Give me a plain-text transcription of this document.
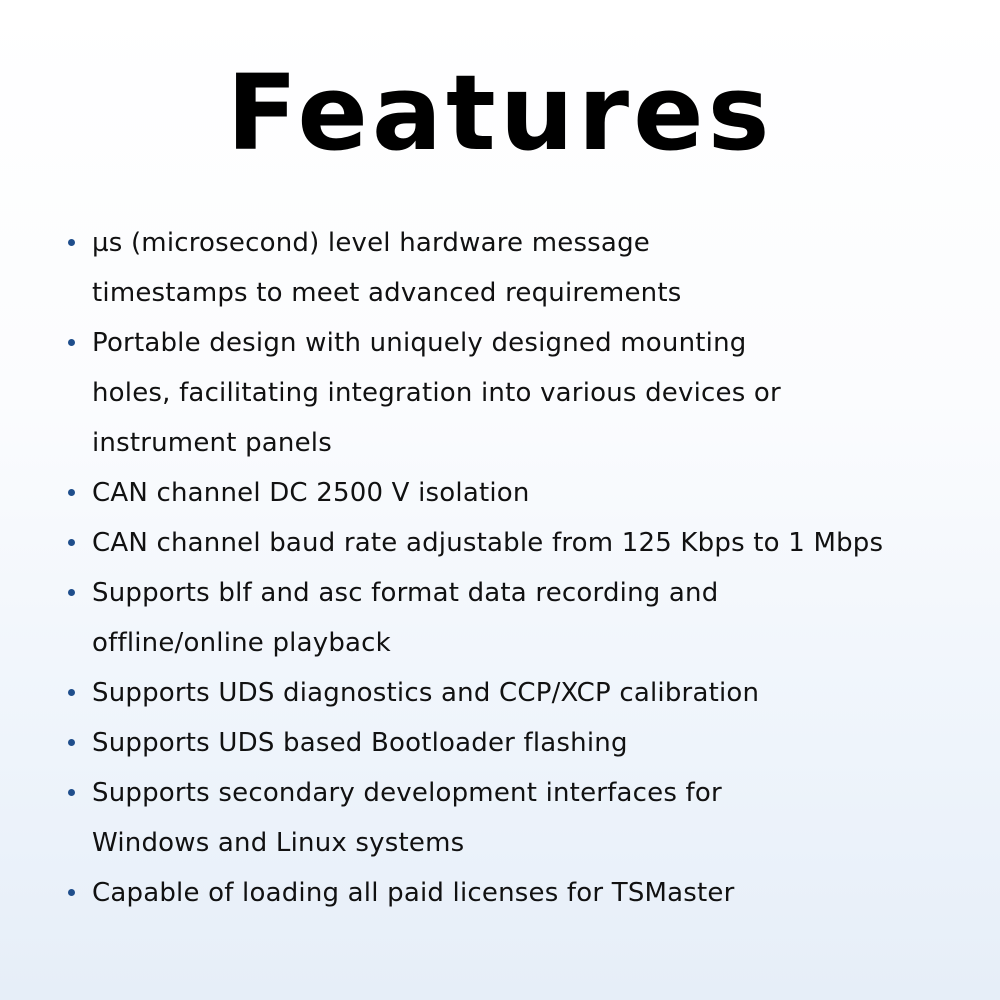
Features
µs (microsecond) level hardware message
timestamps to meet advanced requirements
Portable design with uniquely designed mounting
holes, facilitating integration into various devices or
instrument panels
CAN channel DC 2500 V isolation
CAN channel baud rate adjustable from 125 Kbps to 1 Mbps
Supports blf and asc format data recording and
offline/online playback
Supports UDS diagnostics and CCP/XCP calibration
Supports UDS based Bootloader flashing
Supports secondary development interfaces for
Windows and Linux systems
Capable of loading all paid licenses for TSMaster
